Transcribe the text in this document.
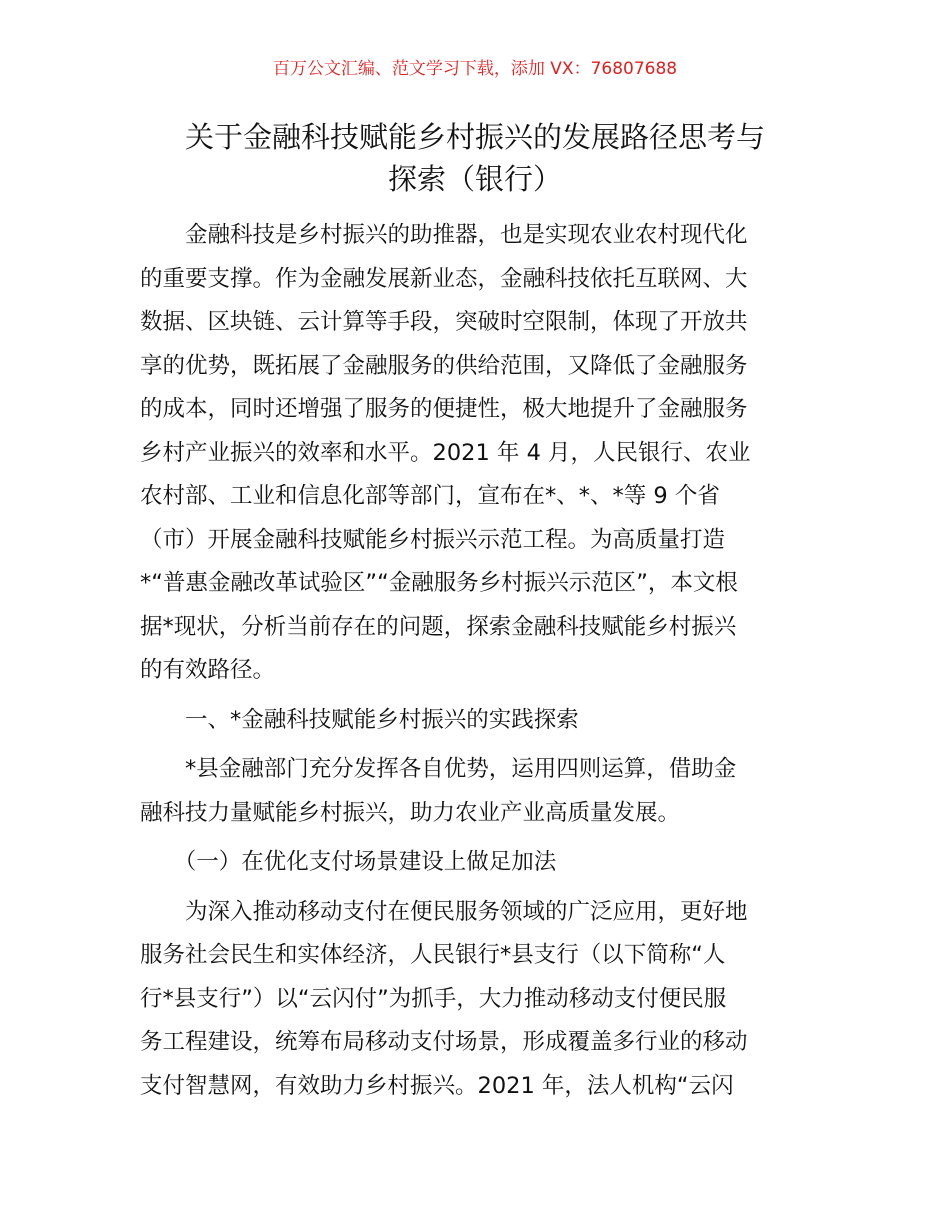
百万公文汇编、范文学习下载，添加 VX：76807688
关于金融科技赋能乡村振兴的发展路径思考与
探索（银行）
　　金融科技是乡村振兴的助推器，也是实现农业农村现代化
的重要支撑。作为金融发展新业态，金融科技依托互联网、大
数据、区块链、云计算等手段，突破时空限制，体现了开放共
享的优势，既拓展了金融服务的供给范围，又降低了金融服务
的成本，同时还增强了服务的便捷性，极大地提升了金融服务
乡村产业振兴的效率和水平。2021 年 4 月，人民银行、农业
农村部、工业和信息化部等部门，宣布在*、*、*等 9 个省
（市）开展金融科技赋能乡村振兴示范工程。为高质量打造
*“普惠金融改革试验区”“金融服务乡村振兴示范区”，本文根
据*现状，分析当前存在的问题，探索金融科技赋能乡村振兴
的有效路径。
　　一、*金融科技赋能乡村振兴的实践探索
　　*县金融部门充分发挥各自优势，运用四则运算，借助金
融科技力量赋能乡村振兴，助力农业产业高质量发展。
　　（一）在优化支付场景建设上做足加法
　　为深入推动移动支付在便民服务领域的广泛应用，更好地
服务社会民生和实体经济，人民银行*县支行（以下简称“人
行*县支行”）以“云闪付”为抓手，大力推动移动支付便民服
务工程建设，统筹布局移动支付场景，形成覆盖多行业的移动
支付智慧网，有效助力乡村振兴。2021 年，法人机构“云闪
